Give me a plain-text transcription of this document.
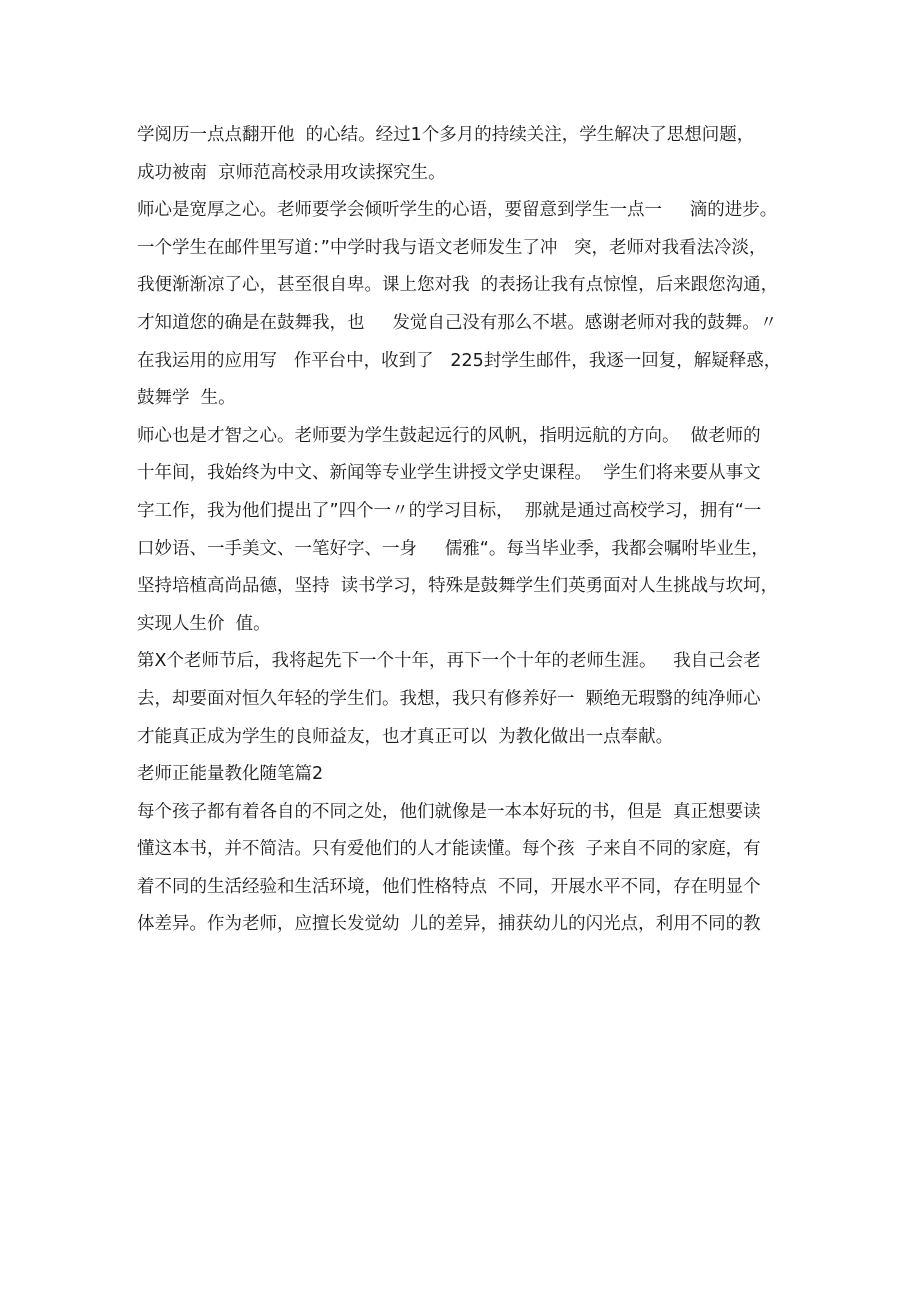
学阅历一点点翻开他  的心结。经过1个多月的持续关注，学生解决了思想问题，
成功被南  京师范高校录用攻读探究生。
师心是宽厚之心。老师要学会倾听学生的心语，要留意到学生一点一     滴的进步。
一个学生在邮件里写道：”中学时我与语文老师发生了冲   突，老师对我看法冷淡，
我便渐渐凉了心，甚至很自卑。课上您对我  的表扬让我有点惊惶，后来跟您沟通，
才知道您的确是在鼓舞我，也     发觉自己没有那么不堪。感谢老师对我的鼓舞。〃
在我运用的应用写   作平台中，收到了   225封学生邮件，我逐一回复，解疑释惑，
鼓舞学  生。
师心也是才智之心。老师要为学生鼓起远行的风帆，指明远航的方向。  做老师的
十年间，我始终为中文、新闻等专业学生讲授文学史课程。  学生们将来要从事文
字工作，我为他们提出了”四个一〃的学习目标，  那就是通过高校学习，拥有“一
口妙语、一手美文、一笔好字、一身     儒雅“。每当毕业季，我都会嘱咐毕业生，
坚持培植高尚品德，坚持  读书学习，特殊是鼓舞学生们英勇面对人生挑战与坎坷，
实现人生价  值。
第X个老师节后，我将起先下一个十年，再下一个十年的老师生涯。   我自己会老
去，却要面对恒久年轻的学生们。我想，我只有修养好一  颗绝无瑕翳的纯净师心
才能真正成为学生的良师益友，也才真正可以  为教化做出一点奉献。
老师正能量教化随笔篇2
每个孩子都有着各自的不同之处，他们就像是一本本好玩的书，但是  真正想要读
懂这本书，并不简洁。只有爱他们的人才能读懂。每个孩  子来自不同的家庭，有
着不同的生活经验和生活环境，他们性格特点  不同，开展水平不同，存在明显个
体差异。作为老师，应擅长发觉幼  儿的差异，捕获幼儿的闪光点，利用不同的教
